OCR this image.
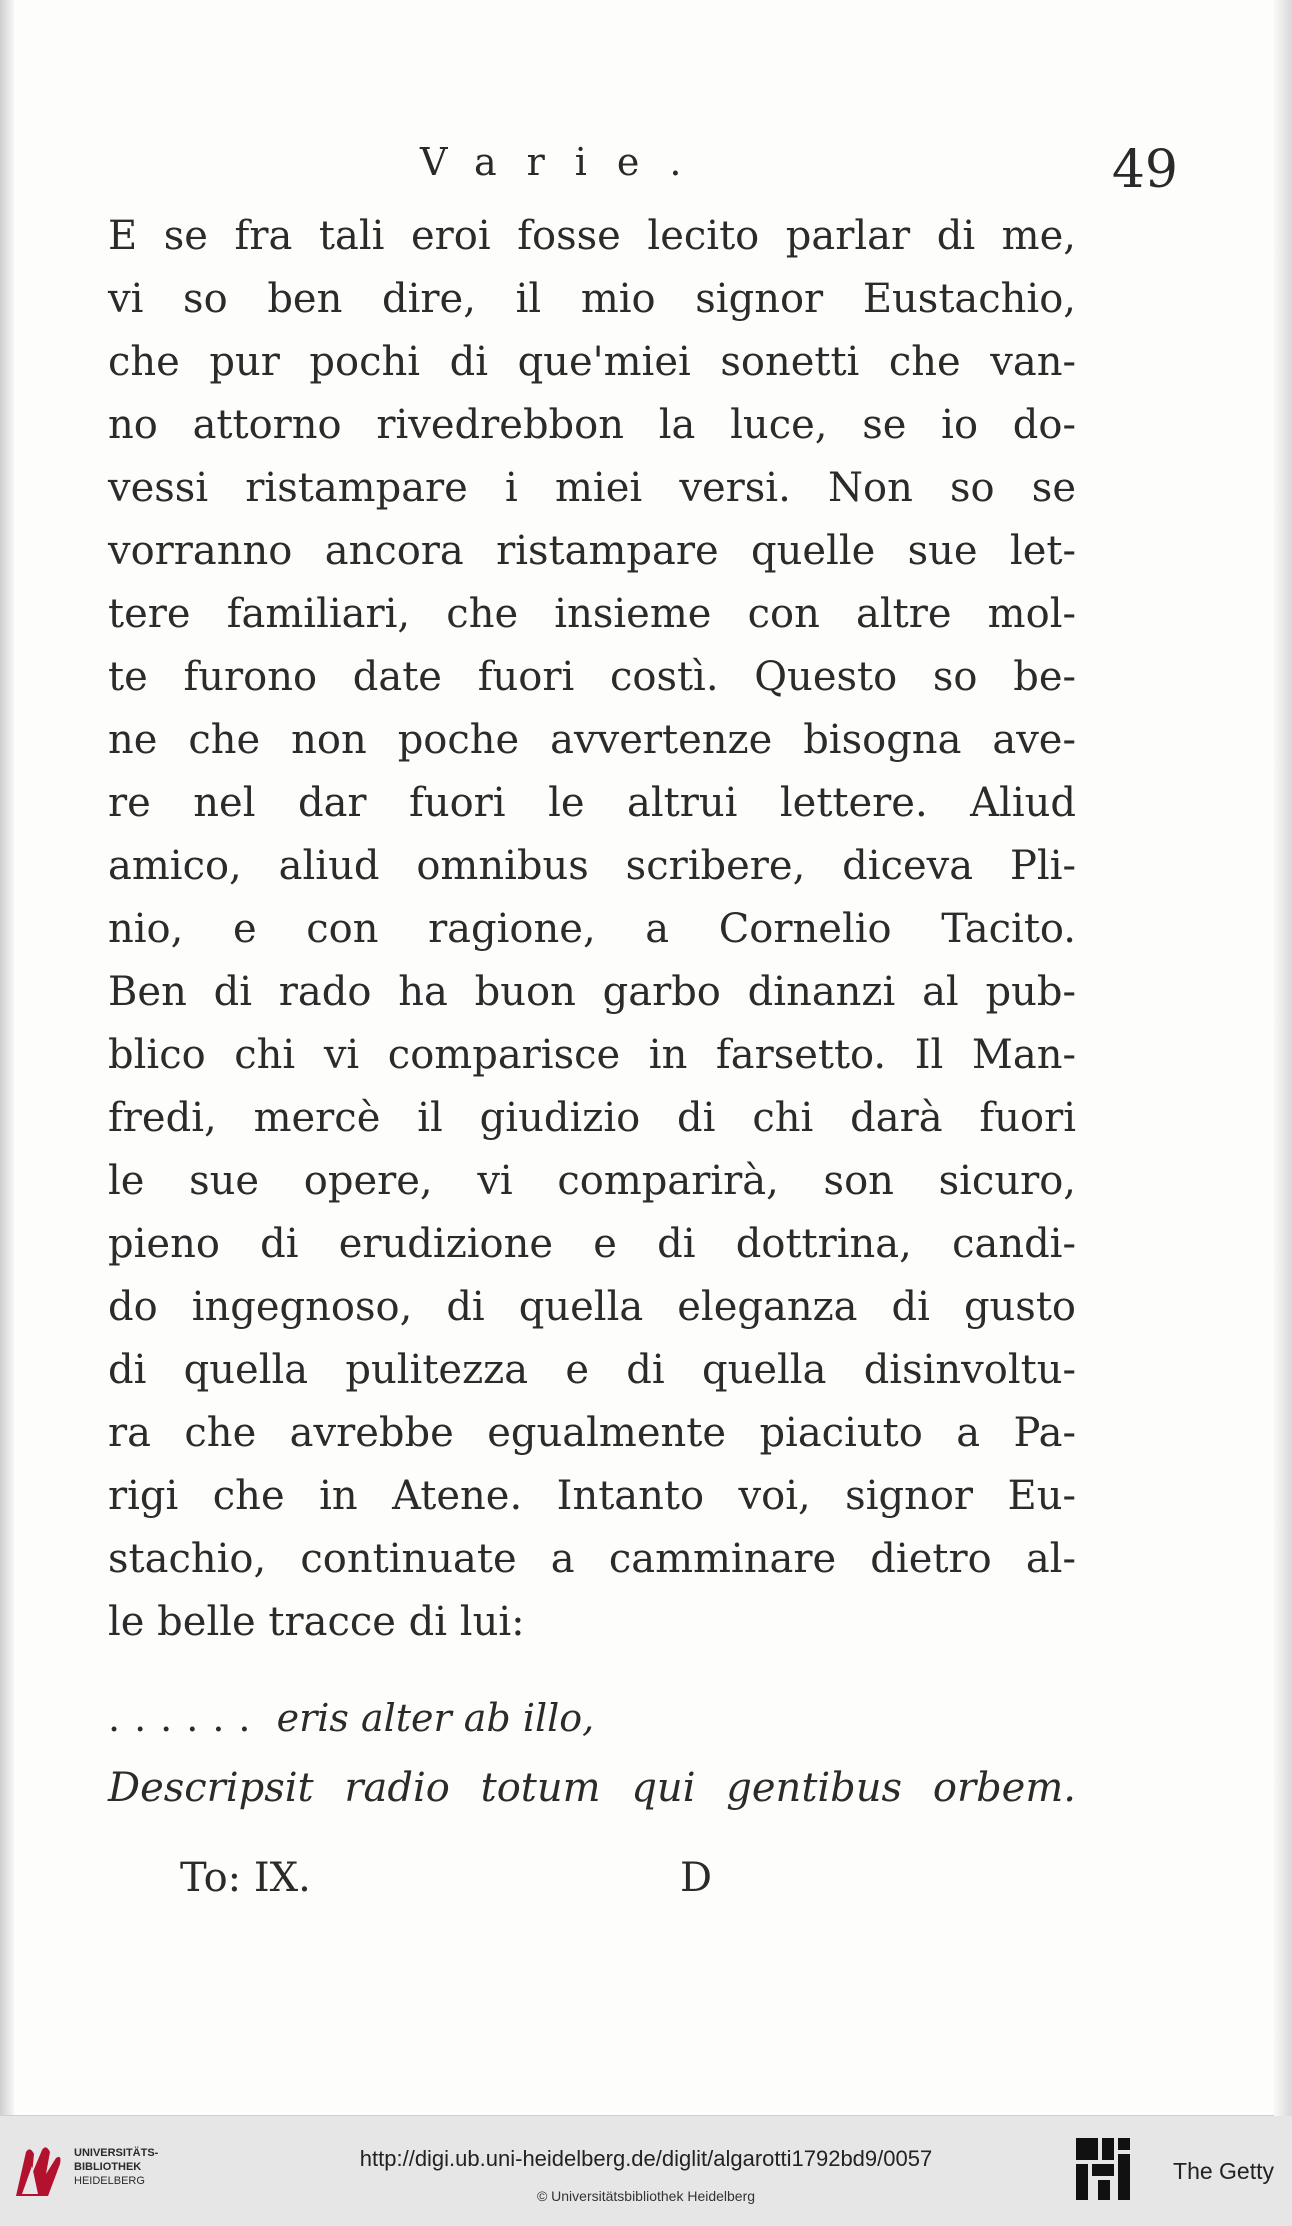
Varie.	49
E se fra tali eroi fosse lecito parlar di me,
vi so ben dire, il mio signor Eustachio,
che pur pochi di que'miei sonetti che van-
no attorno rivedrebbon la luce, se io do-
vessi ristampare i miei versi. Non so se
vorranno ancora ristampare quelle sue let-
tere familiari, che insieme con altre mol-
te furono date fuori costì. Questo so be-
ne che non poche avvertenze bisogna ave-
re nel dar fuori le altrui lettere. Aliud
amico, aliud omnibus scribere, diceva Pli-
nio, e con ragione, a Cornelio Tacito.
Ben di rado ha buon garbo dinanzi al pub-
blico chi vi comparisce in farsetto. Il Man-
fredi, mercè il giudizio di chi darà fuori
le sue opere, vi comparirà, son sicuro,
pieno di erudizione e di dottrina, candi-
do ingegnoso, di quella eleganza di gusto
di quella pulitezza e di quella disinvoltu-
ra che avrebbe egualmente piaciuto a Pa-
rigi che in Atene. Intanto voi, signor Eu-
stachio, continuate a camminare dietro al-
le belle tracce di lui:
...... eris alter ab illo,
Descripsit radio totum qui gentibus orbem.
To: IX.	D
UNIVERSITÄTS-
BIBLIOTHEK
HEIDELBERG
http://digi.ub.uni-heidelberg.de/diglit/algarotti1792bd9/0057
© Universitätsbibliothek Heidelberg
The Getty
